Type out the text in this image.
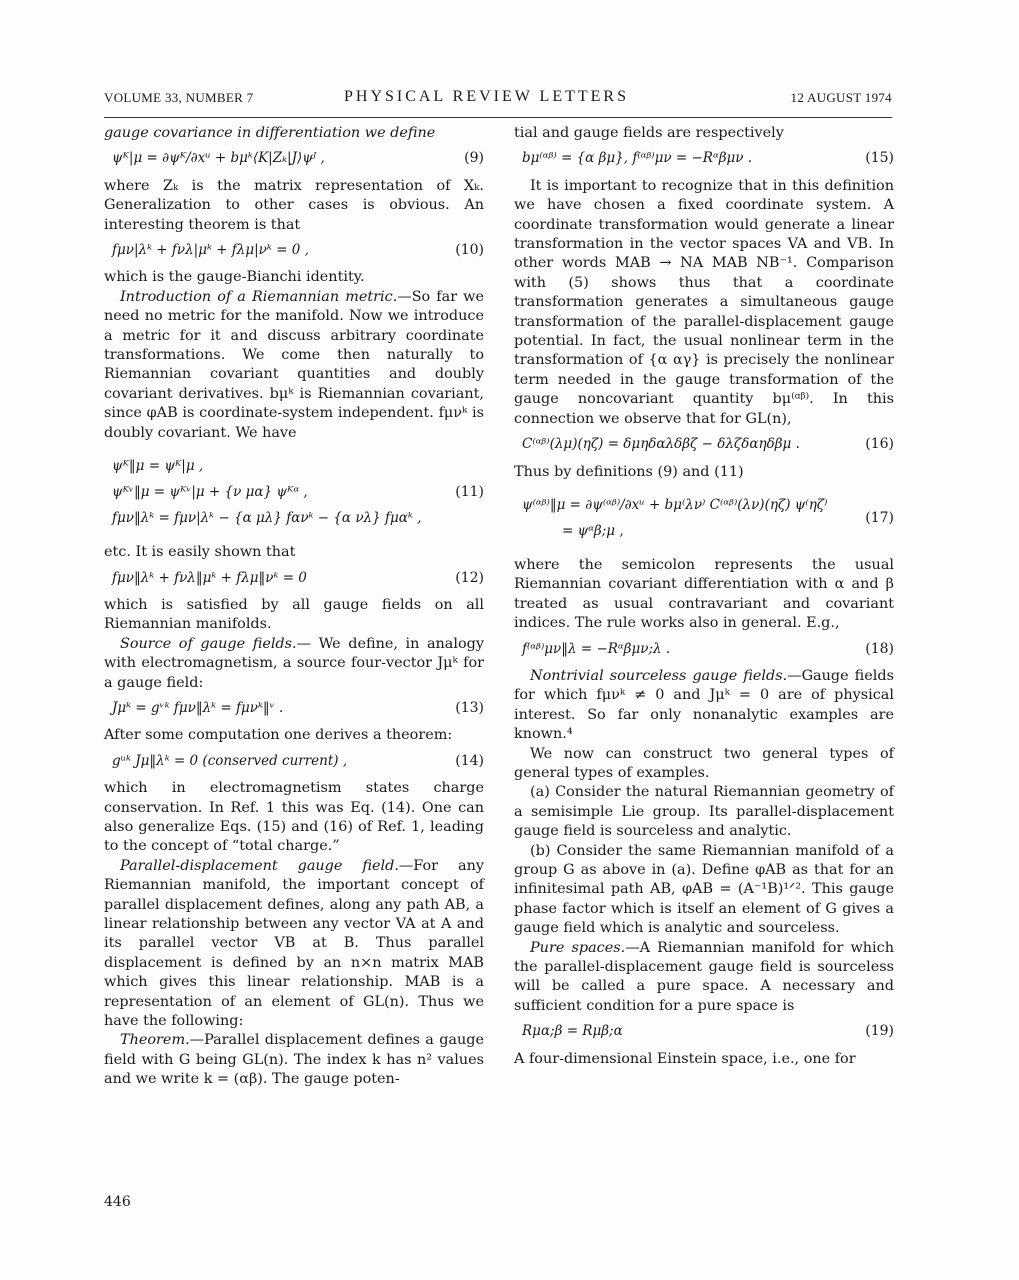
VOLUME 33, NUMBER 7	PHYSICAL REVIEW LETTERS	12 AUGUST 1974

gauge covariance in differentiation we define

ψᴷ|μ = ∂ψᴷ/∂xᵘ + bμᵏ⟨K|Zₖ|J⟩ψᴶ ,	(9)

where Zₖ is the matrix representation of Xₖ. Generalization to other cases is obvious. An interesting theorem is that

fμν|λᵏ + fνλ|μᵏ + fλμ|νᵏ = 0 ,	(10)

which is the gauge-Bianchi identity.

Introduction of a Riemannian metric.—So far we need no metric for the manifold. Now we introduce a metric for it and discuss arbitrary coordinate transformations. We come then naturally to Riemannian covariant quantities and doubly covariant derivatives. bμᵏ is Riemannian covariant, since φAB is coordinate-system independent. fμνᵏ is doubly covariant. We have

ψᴷ‖μ = ψᴷ|μ ,
ψᴷᵛ‖μ = ψᴷᵛ|μ + {ν μα} ψᴷᵅ ,
fμν‖λᵏ = fμν|λᵏ − {α μλ} fανᵏ − {α νλ} fμαᵏ ,
(11)

etc. It is easily shown that

fμν‖λᵏ + fνλ‖μᵏ + fλμ‖νᵏ = 0	(12)

which is satisfied by all gauge fields on all Riemannian manifolds.

Source of gauge fields.— We define, in analogy with electromagnetism, a source four-vector Jμᵏ for a gauge field:

Jμᵏ = gᵛᵏ fμν‖λᵏ = fμνᵏ‖ᵛ .	(13)

After some computation one derives a theorem:

gᵘᵏ Jμ‖λᵏ = 0 (conserved current) ,	(14)

which in electromagnetism states charge conservation. In Ref. 1 this was Eq. (14). One can also generalize Eqs. (15) and (16) of Ref. 1, leading to the concept of “total charge.”

Parallel-displacement gauge field.—For any Riemannian manifold, the important concept of parallel displacement defines, along any path AB, a linear relationship between any vector VA at A and its parallel vector VB at B. Thus parallel displacement is defined by an n×n matrix MAB which gives this linear relationship. MAB is a representation of an element of GL(n). Thus we have the following:

Theorem.—Parallel displacement defines a gauge field with G being GL(n). The index k has n² values and we write k = (αβ). The gauge poten-

tial and gauge fields are respectively

bμ⁽ᵅᵝ⁾ = {α βμ}, f⁽ᵅᵝ⁾μν = −Rᵅβμν .	(15)

It is important to recognize that in this definition we have chosen a fixed coordinate system. A coordinate transformation would generate a linear transformation in the vector spaces VA and VB. In other words MAB → NA MAB NB⁻¹. Comparison with (5) shows thus that a coordinate transformation generates a simultaneous gauge transformation of the parallel-displacement gauge potential. In fact, the usual nonlinear term in the transformation of {α αγ} is precisely the nonlinear term needed in the gauge transformation of the gauge noncovariant quantity bμ⁽ᵅᵝ⁾. In this connection we observe that for GL(n),

C⁽ᵅᵝ⁾(λμ)(ηζ) = δμηδαλδβζ − δλζδαηδβμ .	(16)

Thus by definitions (9) and (11)

ψ⁽ᵅᵝ⁾‖μ = ∂ψ⁽ᵅᵝ⁾/∂xᵘ + bμ⁽λν⁾ C⁽ᵅᵝ⁾(λν)(ηζ) ψ⁽ηζ⁾
= ψᵅβ;μ ,
(17)

where the semicolon represents the usual Riemannian covariant differentiation with α and β treated as usual contravariant and covariant indices. The rule works also in general. E.g.,

f⁽ᵅᵝ⁾μν‖λ = −Rᵅβμν;λ .	(18)

Nontrivial sourceless gauge fields.—Gauge fields for which fμνᵏ ≠ 0 and Jμᵏ = 0 are of physical interest. So far only nonanalytic examples are known.⁴

We now can construct two general types of general types of examples.

(a) Consider the natural Riemannian geometry of a semisimple Lie group. Its parallel-displacement gauge field is sourceless and analytic.

(b) Consider the same Riemannian manifold of a group G as above in (a). Define φAB as that for an infinitesimal path AB, φAB = (A⁻¹B)¹ᐟ². This gauge phase factor which is itself an element of G gives a gauge field which is analytic and sourceless.

Pure spaces.—A Riemannian manifold for which the parallel-displacement gauge field is sourceless will be called a pure space. A necessary and sufficient condition for a pure space is

Rμα;β = Rμβ;α	(19)

A four-dimensional Einstein space, i.e., one for

446
